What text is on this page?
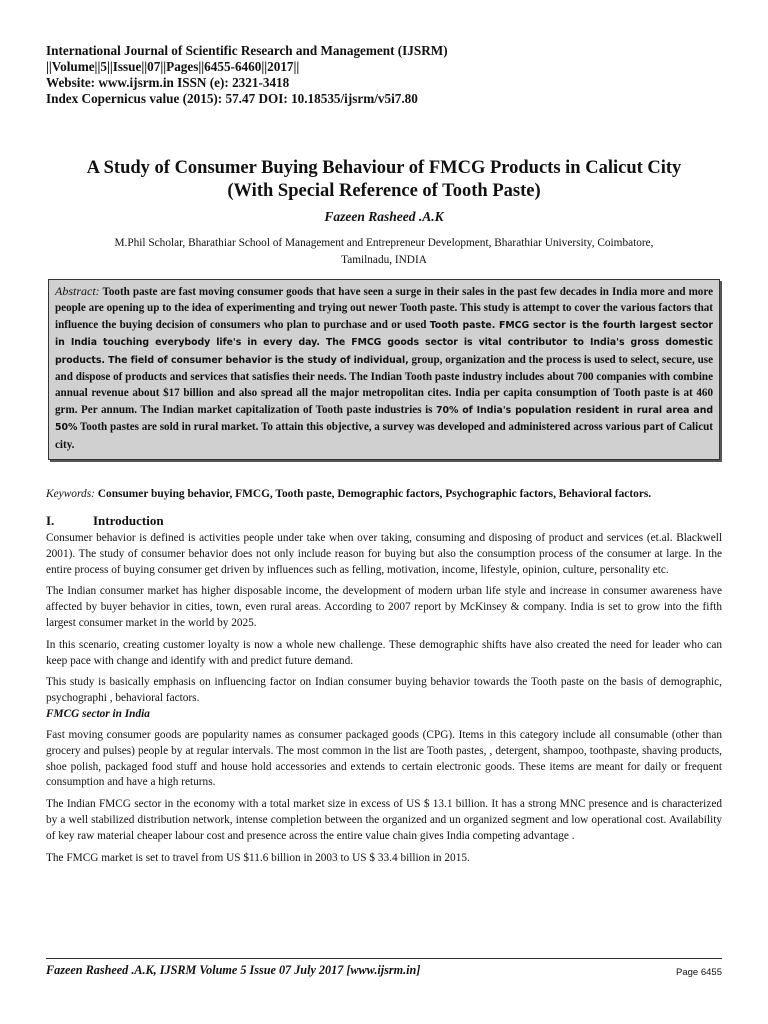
International Journal of Scientific Research and Management (IJSRM)
||Volume||5||Issue||07||Pages||6455-6460||2017||
Website: www.ijsrm.in ISSN (e): 2321-3418
Index Copernicus value (2015): 57.47 DOI: 10.18535/ijsrm/v5i7.80
A Study of Consumer Buying Behaviour of FMCG Products in Calicut City (With Special Reference of Tooth Paste)
Fazeen Rasheed .A.K
M.Phil Scholar, Bharathiar School of Management and Entrepreneur Development, Bharathiar University, Coimbatore,
Tamilnadu, INDIA
Abstract: Tooth paste are fast moving consumer goods that have seen a surge in their sales in the past few decades in India more and more people are opening up to the idea of experimenting and trying out newer Tooth paste. This study is attempt to cover the various factors that influence the buying decision of consumers who plan to purchase and or used Tooth paste. FMCG sector is the fourth largest sector in India touching everybody life's in every day. The FMCG goods sector is vital contributor to India's gross domestic products. The field of consumer behavior is the study of individual, group, organization and the process is used to select, secure, use and dispose of products and services that satisfies their needs. The Indian Tooth paste industry includes about 700 companies with combine annual revenue about $17 billion and also spread all the major metropolitan cites. India per capita consumption of Tooth paste is at 460 grm. Per annum. The Indian market capitalization of Tooth paste industries is 70% of India's population resident in rural area and 50% Tooth pastes are sold in rural market. To attain this objective, a survey was developed and administered across various part of Calicut city.
Keywords: Consumer buying behavior, FMCG, Tooth paste, Demographic factors, Psychographic factors, Behavioral factors.
I.	Introduction

Consumer behavior is defined is activities people under take when over taking, consuming and disposing of product and services (et.al. Blackwell 2001). The study of consumer behavior does not only include reason for buying but also the consumption process of the consumer at large. In the entire process of buying consumer get driven by influences such as felling, motivation, income, lifestyle, opinion, culture, personality etc.

The Indian consumer market has higher disposable income, the development of modern urban life style and increase in consumer awareness have affected by buyer behavior in cities, town, even rural areas. According to 2007 report by McKinsey & company. India is set to grow into the fifth largest consumer market in the world by 2025.

In this scenario, creating customer loyalty is now a whole new challenge. These demographic shifts have also created the need for leader who can keep pace with change and identify with and predict future demand.

This study is basically emphasis on influencing factor on Indian consumer buying behavior towards the Tooth paste on the basis of demographic, psychographi , behavioral factors.

FMCG sector in India

Fast moving consumer goods are popularity names as consumer packaged goods (CPG). Items in this category include all consumable (other than grocery and pulses) people by at regular intervals. The most common in the list are Tooth pastes, , detergent, shampoo, toothpaste, shaving products, shoe polish, packaged food stuff and house hold accessories and extends to certain electronic goods. These items are meant for daily or frequent consumption and have a high returns.

The Indian FMCG sector in the economy with a total market size in excess of US $ 13.1 billion. It has a strong MNC presence and is characterized by a well stabilized distribution network, intense completion between the organized and un organized segment and low operational cost. Availability of key raw material cheaper labour cost and presence across the entire value chain gives India competing advantage .

The FMCG market is set to travel from US $11.6 billion in 2003 to US $ 33.4 billion in 2015.

Fazeen Rasheed .A.K, IJSRM Volume 5 Issue 07 July 2017 [www.ijsrm.in]	Page 6455
